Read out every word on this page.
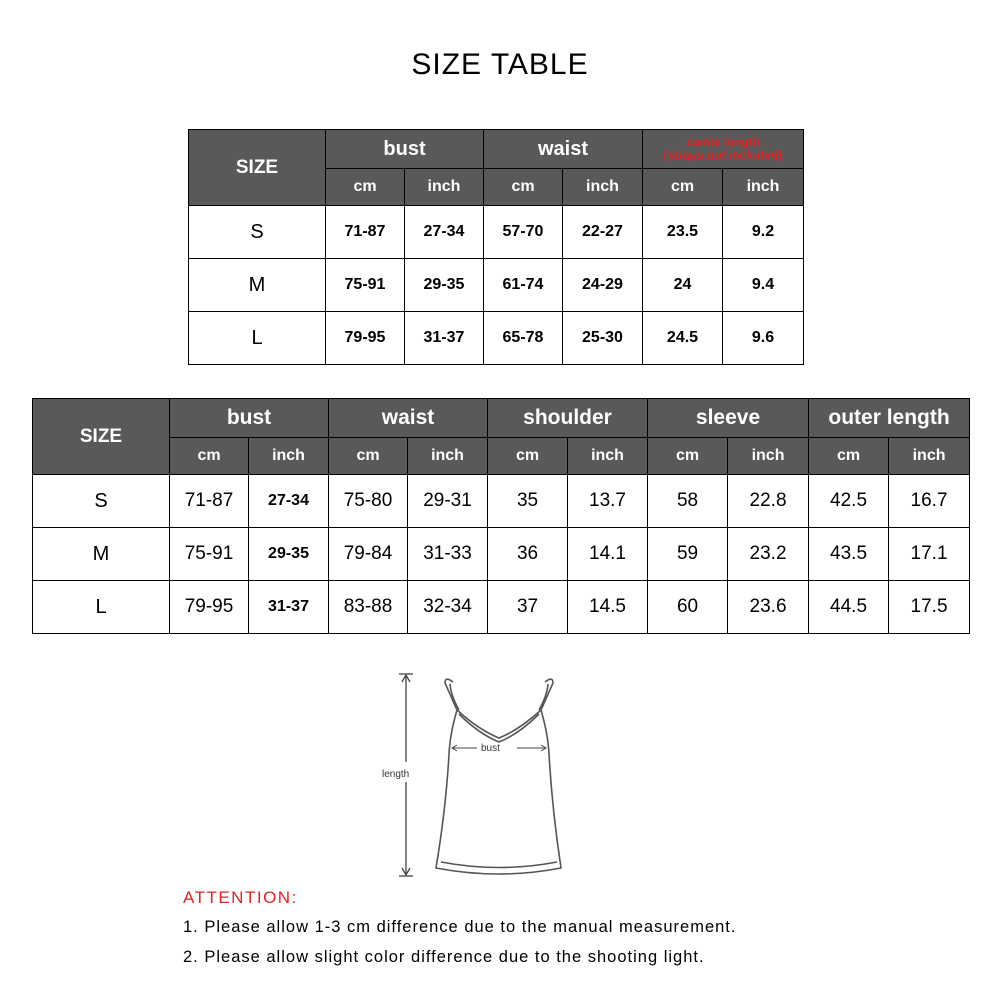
SIZE TABLE
SIZE	bust		waist		camis length
(straps not included)	

	cm	inch	cm	inch	cm	inch
S	71-87	27-34	57-70	22-27	23.5	9.2
M	75-91	29-35	61-74	24-29	24	9.4
L	79-95	31-37	65-78	25-30	24.5	9.6
SIZE	bust		waist		shoulder		sleeve		outer length	
	cm	inch	cm	inch	cm	inch	cm	inch	cm	inch
S	71-87	27-34	75-80	29-31	35	13.7	58	22.8	42.5	16.7
M	75-91	29-35	79-84	31-33	36	14.1	59	23.2	43.5	17.1
L	79-95	31-37	83-88	32-34	37	14.5	60	23.6	44.5	17.5
length
bust
ATTENTION:
1. Please allow 1-3 cm difference due to the manual measurement.
2. Please allow slight color difference due to the shooting light.
